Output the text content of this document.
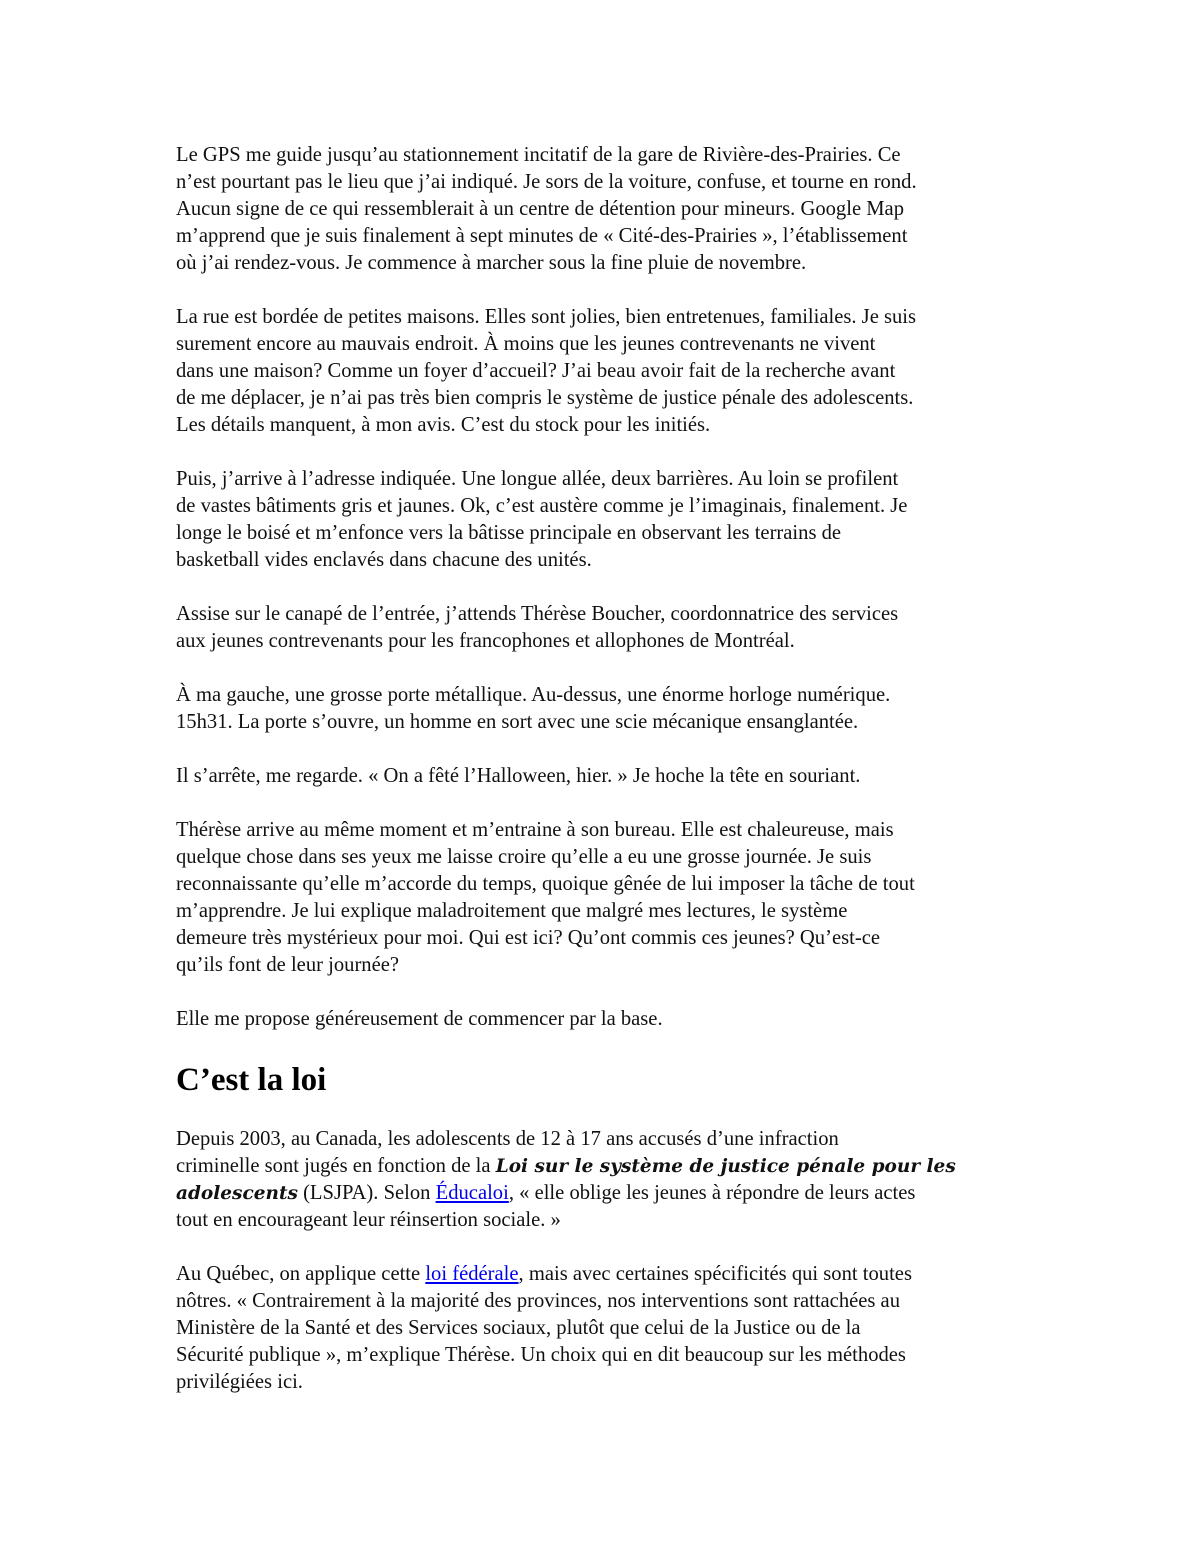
Le GPS me guide jusqu’au stationnement incitatif de la gare de Rivière-des-Prairies. Ce
n’est pourtant pas le lieu que j’ai indiqué. Je sors de la voiture, confuse, et tourne en rond.
Aucun signe de ce qui ressemblerait à un centre de détention pour mineurs. Google Map
m’apprend que je suis finalement à sept minutes de « Cité-des-Prairies », l’établissement
où j’ai rendez-vous. Je commence à marcher sous la fine pluie de novembre.

La rue est bordée de petites maisons. Elles sont jolies, bien entretenues, familiales. Je suis
surement encore au mauvais endroit. À moins que les jeunes contrevenants ne vivent
dans une maison? Comme un foyer d’accueil? J’ai beau avoir fait de la recherche avant
de me déplacer, je n’ai pas très bien compris le système de justice pénale des adolescents.
Les détails manquent, à mon avis. C’est du stock pour les initiés.

Puis, j’arrive à l’adresse indiquée. Une longue allée, deux barrières. Au loin se profilent
de vastes bâtiments gris et jaunes. Ok, c’est austère comme je l’imaginais, finalement. Je
longe le boisé et m’enfonce vers la bâtisse principale en observant les terrains de
basketball vides enclavés dans chacune des unités.

Assise sur le canapé de l’entrée, j’attends Thérèse Boucher, coordonnatrice des services
aux jeunes contrevenants pour les francophones et allophones de Montréal.

À ma gauche, une grosse porte métallique. Au-dessus, une énorme horloge numérique.
15h31. La porte s’ouvre, un homme en sort avec une scie mécanique ensanglantée.

Il s’arrête, me regarde. « On a fêté l’Halloween, hier. » Je hoche la tête en souriant.

Thérèse arrive au même moment et m’entraine à son bureau. Elle est chaleureuse, mais
quelque chose dans ses yeux me laisse croire qu’elle a eu une grosse journée. Je suis
reconnaissante qu’elle m’accorde du temps, quoique gênée de lui imposer la tâche de tout
m’apprendre. Je lui explique maladroitement que malgré mes lectures, le système
demeure très mystérieux pour moi. Qui est ici? Qu’ont commis ces jeunes? Qu’est-ce
qu’ils font de leur journée?

Elle me propose généreusement de commencer par la base.

C’est la loi

Depuis 2003, au Canada, les adolescents de 12 à 17 ans accusés d’une infraction
criminelle sont jugés en fonction de la Loi sur le système de justice pénale pour les
adolescents (LSJPA). Selon Éducaloi, « elle oblige les jeunes à répondre de leurs actes
tout en encourageant leur réinsertion sociale. »

Au Québec, on applique cette loi fédérale, mais avec certaines spécificités qui sont toutes
nôtres. « Contrairement à la majorité des provinces, nos interventions sont rattachées au
Ministère de la Santé et des Services sociaux, plutôt que celui de la Justice ou de la
Sécurité publique », m’explique Thérèse. Un choix qui en dit beaucoup sur les méthodes
privilégiées ici.
